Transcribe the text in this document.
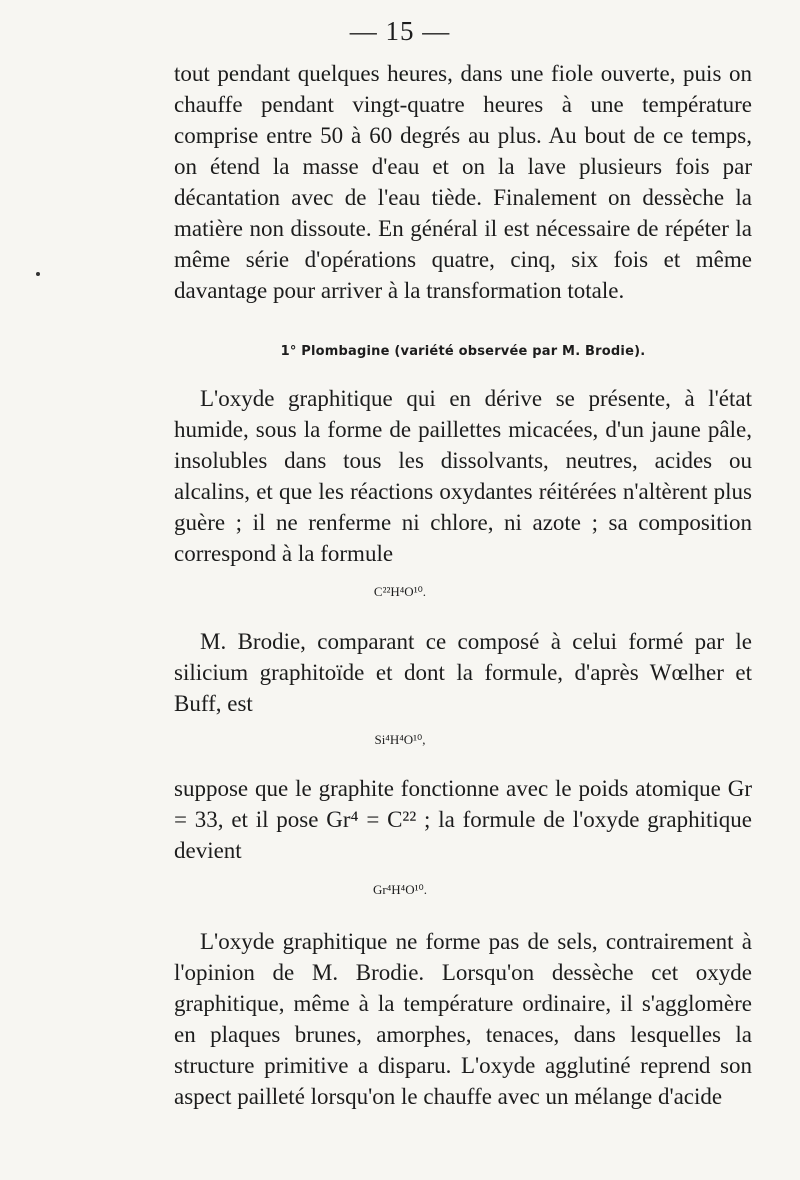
— 15 —

tout pendant quelques heures, dans une fiole ouverte, puis on chauffe pendant vingt-quatre heures à une température comprise entre 50 à 60 degrés au plus. Au bout de ce temps, on étend la masse d'eau et on la lave plusieurs fois par décantation avec de l'eau tiède. Finalement on dessèche la matière non dissoute. En général il est nécessaire de répéter la même série d'opérations quatre, cinq, six fois et même davantage pour arriver à la transformation totale.

1° Plombagine (variété observée par M. Brodie).

L'oxyde graphitique qui en dérive se présente, à l'état humide, sous la forme de paillettes micacées, d'un jaune pâle, insolubles dans tous les dissolvants, neutres, acides ou alcalins, et que les réactions oxydantes réitérées n'altèrent plus guère ; il ne renferme ni chlore, ni azote ; sa composition correspond à la formule

C²²H⁴O¹⁰.

M. Brodie, comparant ce composé à celui formé par le silicium graphitoïde et dont la formule, d'après Wœlher et Buff, est

Si⁴H⁴O¹⁰,

suppose que le graphite fonctionne avec le poids atomique Gr = 33, et il pose Gr⁴ = C²² ; la formule de l'oxyde graphitique devient

Gr⁴H⁴O¹⁰.

L'oxyde graphitique ne forme pas de sels, contrairement à l'opinion de M. Brodie. Lorsqu'on dessèche cet oxyde graphitique, même à la température ordinaire, il s'agglomère en plaques brunes, amorphes, tenaces, dans lesquelles la structure primitive a disparu. L'oxyde agglutiné reprend son aspect pailleté lorsqu'on le chauffe avec un mélange d'acide
